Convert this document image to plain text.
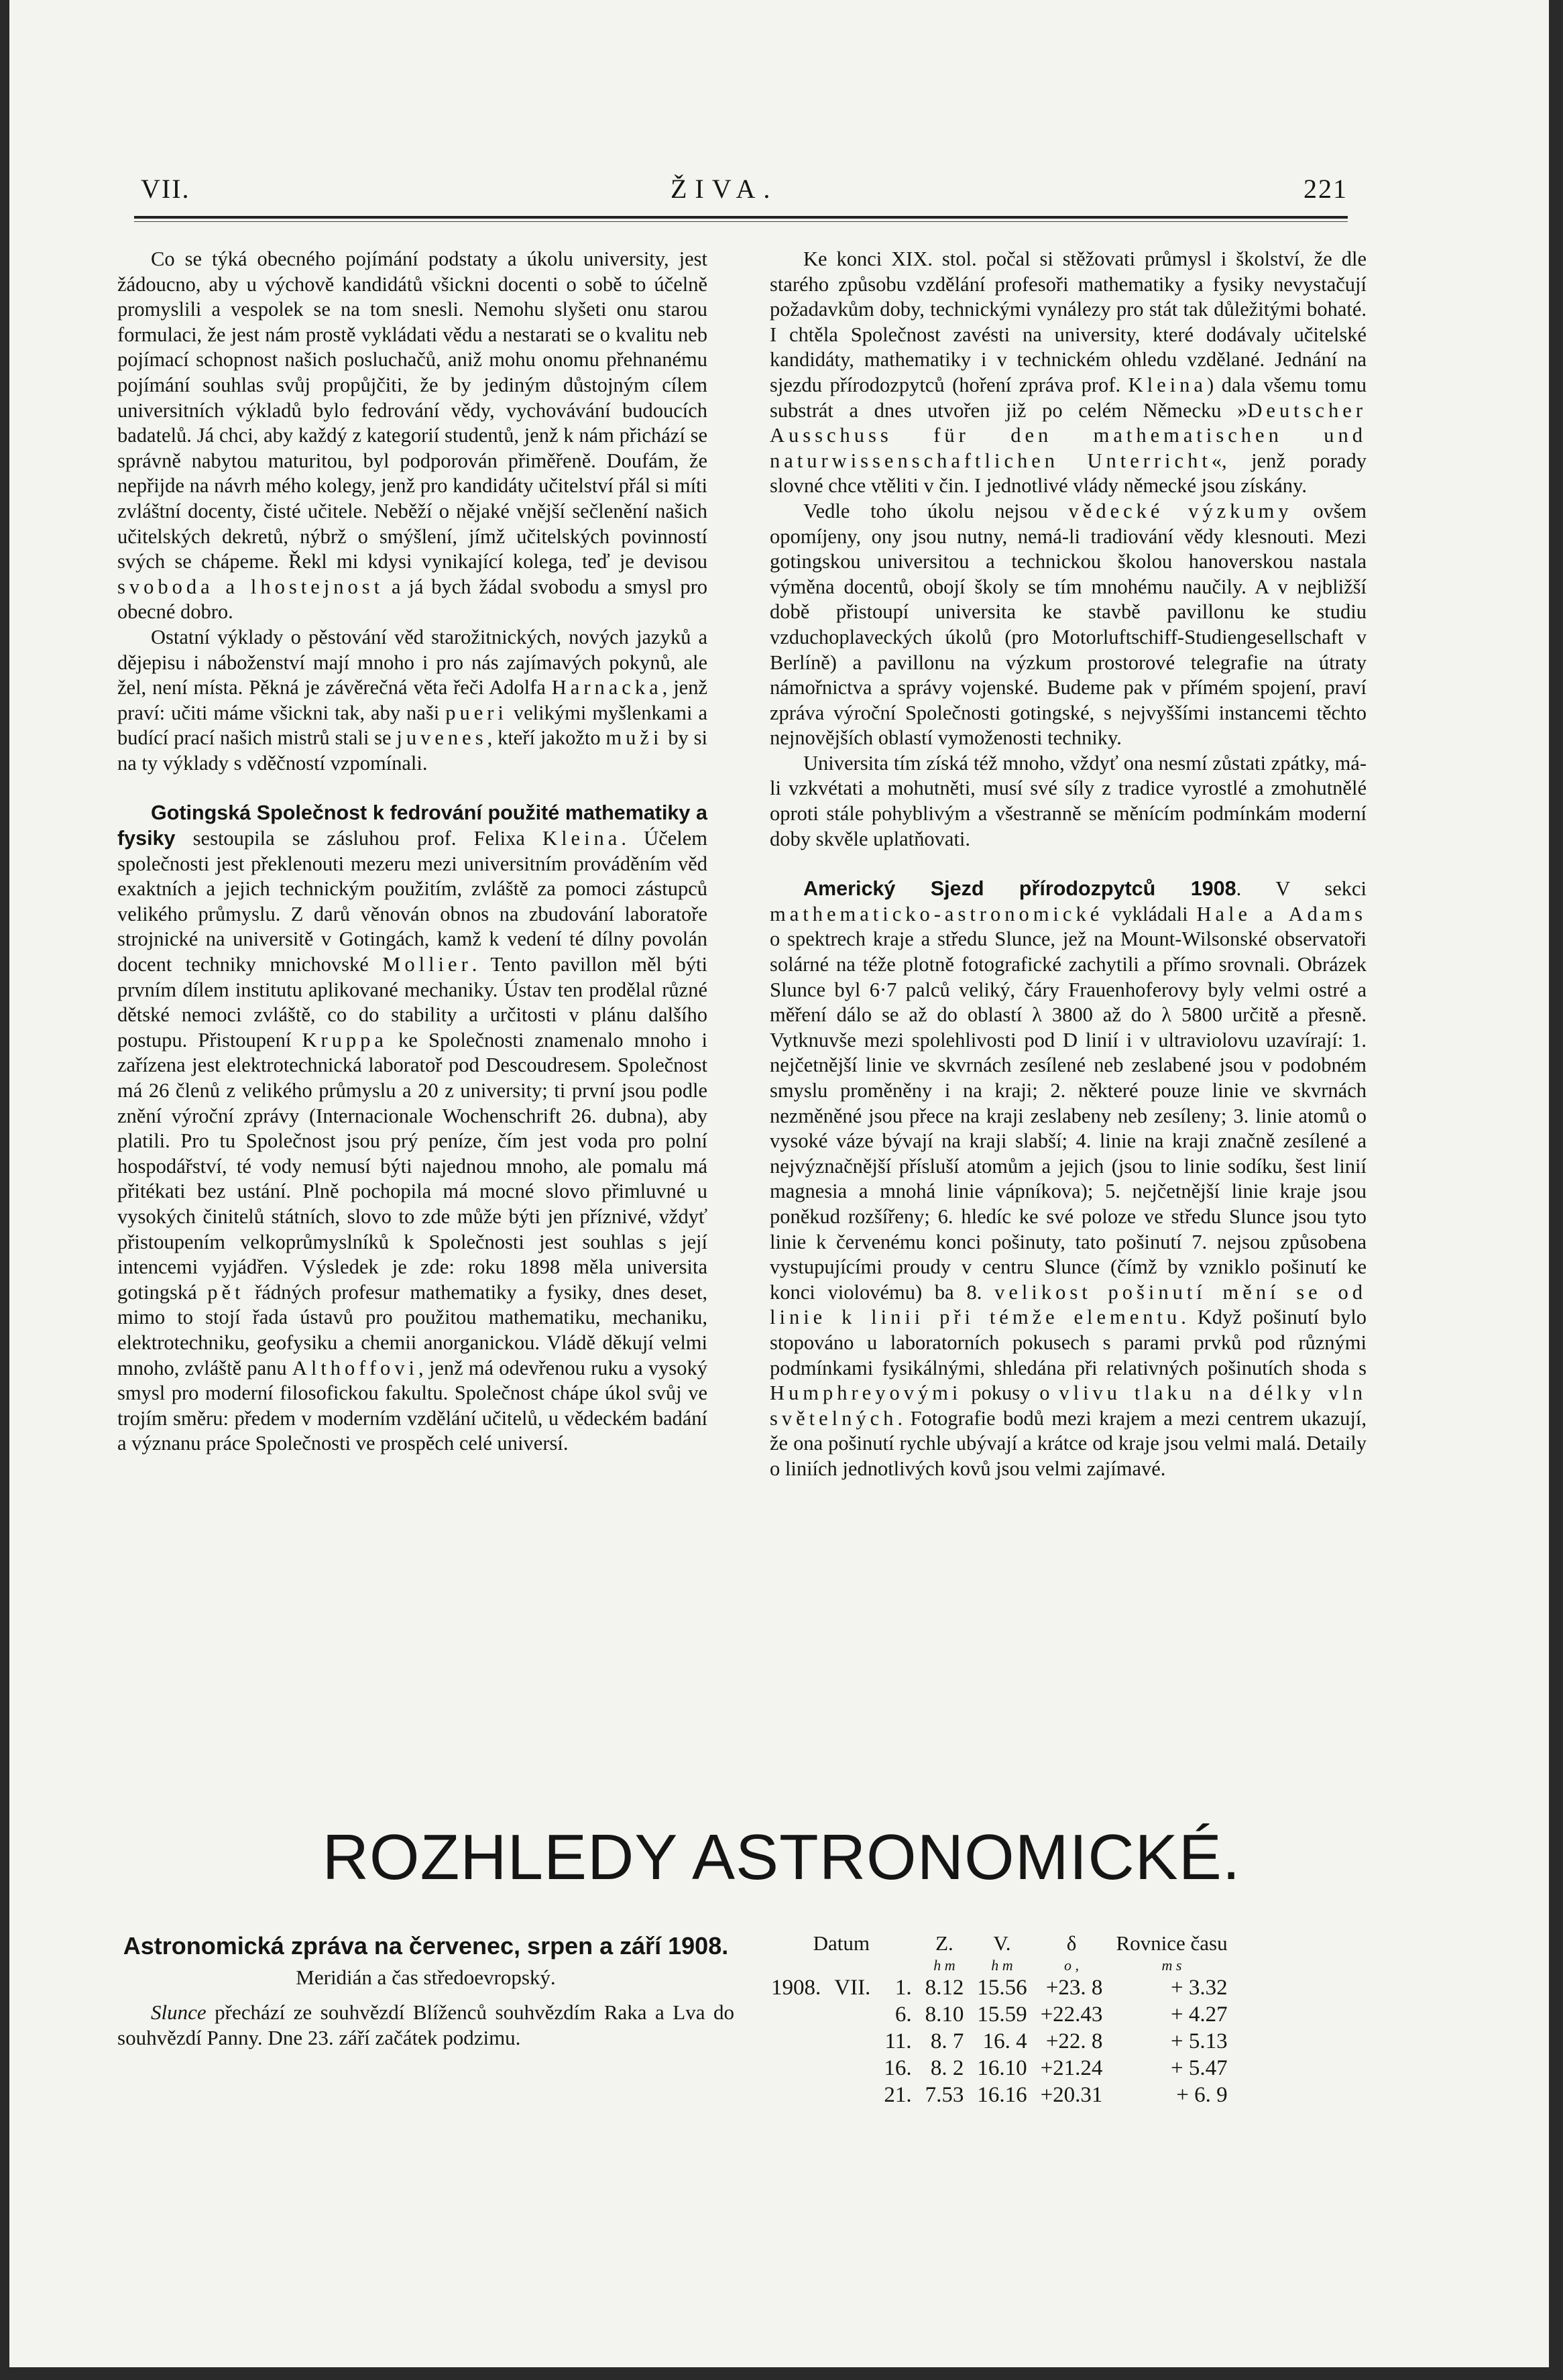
VII.	ŽIVA.	221

Co se týká obecného pojímání podstaty a úkolu university, jest žádoucno, aby u výchově kandidátů všickni docenti o sobě to účelně promyslili a vespolek se na tom snesli. Nemohu slyšeti onu starou formulaci, že jest nám prostě vykládati vědu a nestarati se o kvalitu neb pojímací schopnost našich posluchačů, aniž mohu onomu přehnanému pojímání souhlas svůj propůjčiti, že by jediným důstojným cílem universitních výkladů bylo fedrování vědy, vychovávání budoucích badatelů. Já chci, aby každý z kategorií studentů, jenž k nám přichází se správně nabytou maturitou, byl podporován přiměřeně. Doufám, že nepřijde na návrh mého kolegy, jenž pro kandidáty učitelství přál si míti zvláštní docenty, čisté učitele. Neběží o nějaké vnější sečlenění našich učitelských dekretů, nýbrž o smýšlení, jímž učitelských povinností svých se chápeme. Řekl mi kdysi vynikající kolega, teď je devisou svoboda a lhostejnost a já bych žádal svobodu a smysl pro obecné dobro.

Ostatní výklady o pěstování věd starožitnických, nových jazyků a dějepisu i náboženství mají mnoho i pro nás zajímavých pokynů, ale žel, není místa. Pěkná je závěrečná věta řeči Adolfa Harnacka, jenž praví: učiti máme všickni tak, aby naši pueri velikými myšlenkami a budící prací našich mistrů stali se juvenes, kteří jakožto muži by si na ty výklady s vděčností vzpomínali.

Gotingská Společnost k fedrování použité mathematiky a fysiky sestoupila se zásluhou prof. Felixa Kleina. Účelem společnosti jest překlenouti mezeru mezi universitním prováděním věd exaktních a jejich technickým použitím, zvláště za pomoci zástupců velikého průmyslu. Z darů věnován obnos na zbudování laboratoře strojnické na universitě v Gotingách, kamž k vedení té dílny povolán docent techniky mnichovské Mollier. Tento pavillon měl býti prvním dílem institutu aplikované mechaniky. Ústav ten prodělal různé dětské nemoci zvláště, co do stability a určitosti v plánu dalšího postupu. Přistoupení Kruppa ke Společnosti znamenalo mnoho i zařízena jest elektrotechnická laboratoř pod Descoudresem. Společnost má 26 členů z velikého průmyslu a 20 z university; ti první jsou podle znění výroční zprávy (Internacionale Wochenschrift 26. dubna), aby platili. Pro tu Společnost jsou prý peníze, čím jest voda pro polní hospodářství, té vody nemusí býti najednou mnoho, ale pomalu má přitékati bez ustání. Plně pochopila má mocné slovo přimluvné u vysokých činitelů státních, slovo to zde může býti jen příznivé, vždyť přistoupením velkoprůmyslníků k Společnosti jest souhlas s její intencemi vyjádřen. Výsledek je zde: roku 1898 měla universita gotingská pět řádných profesur mathematiky a fysiky, dnes deset, mimo to stojí řada ústavů pro použitou mathematiku, mechaniku, elektrotechniku, geofysiku a chemii anorganickou. Vládě děkují velmi mnoho, zvláště panu Althoffovi, jenž má odevřenou ruku a vysoký smysl pro moderní filosofickou fakultu. Společnost chápe úkol svůj ve trojím směru: předem v moderním vzdělání učitelů, u vědeckém badání a význanu práce Společnosti ve prospěch celé universí.

Ke konci XIX. stol. počal si stěžovati průmysl i školství, že dle starého způsobu vzdělání profesoři mathematiky a fysiky nevystačují požadavkům doby, technickými vynálezy pro stát tak důležitými bohaté. I chtěla Společnost zavésti na university, které dodávaly učitelské kandidáty, mathematiky i v technickém ohledu vzdělané. Jednání na sjezdu přírodozpytců (hoření zpráva prof. Kleina) dala všemu tomu substrát a dnes utvořen již po celém Německu »Deutscher Ausschuss für den mathematischen und naturwissenschaftlichen Unterricht«, jenž porady slovné chce vtěliti v čin. I jednotlivé vlády německé jsou získány.

Vedle toho úkolu nejsou vědecké výzkumy ovšem opomíjeny, ony jsou nutny, nemá-li tradiování vědy klesnouti. Mezi gotingskou universitou a technickou školou hanoverskou nastala výměna docentů, obojí školy se tím mnohému naučily. A v nejbližší době přistoupí universita ke stavbě pavillonu ke studiu vzduchoplaveckých úkolů (pro Motorluftschiff-Studiengesellschaft v Berlíně) a pavillonu na výzkum prostorové telegrafie na útraty námořnictva a správy vojenské. Budeme pak v přímém spojení, praví zpráva výroční Společnosti gotingské, s nejvyššími instancemi těchto nejnovějších oblastí vymoženosti techniky.

Universita tím získá též mnoho, vždyť ona nesmí zůstati zpátky, má-li vzkvétati a mohutněti, musí své síly z tradice vyrostlé a zmohutnělé oproti stále pohyblivým a všestranně se měnícím podmínkám moderní doby skvěle uplatňovati.

Americký Sjezd přírodozpytců 1908. V sekci mathematicko-astronomické vykládali Hale a Adams o spektrech kraje a středu Slunce, jež na Mount-Wilsonské observatoři solárné na téže plotně fotografické zachytili a přímo srovnali. Obrázek Slunce byl 6·7 palců veliký, čáry Frauenhoferovy byly velmi ostré a měření dálo se až do oblastí λ 3800 až do λ 5800 určitě a přesně. Vytknuvše mezi spolehlivosti pod D linií i v ultraviolovu uzavírají: 1. nejčetnější linie ve skvrnách zesílené neb zeslabené jsou v podobném smyslu proměněny i na kraji; 2. některé pouze linie ve skvrnách nezměněné jsou přece na kraji zeslabeny neb zesíleny; 3. linie atomů o vysoké váze bývají na kraji slabší; 4. linie na kraji značně zesílené a nejvýznačnější přísluší atomům a jejich (jsou to linie sodíku, šest linií magnesia a mnohá linie vápníkova); 5. nejčetnější linie kraje jsou poněkud rozšířeny; 6. hledíc ke své poloze ve středu Slunce jsou tyto linie k červenému konci pošinuty, tato pošinutí 7. nejsou způsobena vystupujícími proudy v centru Slunce (čímž by vzniklo pošinutí ke konci violovému) ba 8. velikost pošinutí mění se od linie k linii při témže elementu. Když pošinutí bylo stopováno u laboratorních pokusech s parami prvků pod různými podmínkami fysikálnými, shledána při relativných pošinutích shoda s Humphreyovými pokusy o vlivu tlaku na délky vln světelných. Fotografie bodů mezi krajem a mezi centrem ukazují, že ona pošinutí rychle ubývají a krátce od kraje jsou velmi malá. Detaily o liniích jednotlivých kovů jsou velmi zajímavé.

ROZHLEDY ASTRONOMICKÉ.
Astronomická zpráva na červenec, srpen a září 1908.
Meridián a čas středoevropský.

Slunce přechází ze souhvězdí Blíženců souhvězdím Raka a Lva do souhvězdí Panny. Dne 23. září začátek podzimu.

Datum			Z.	V.	δ	Rovnice času
			h m	h m	o ,	m s
1908.	VII.	1.	8.12	15.56	+23. 8	+ 3.32
		6.	8.10	15.59	+22.43	+ 4.27
		11.	8. 7	16. 4	+22. 8	+ 5.13
		16.	8. 2	16.10	+21.24	+ 5.47
		21.	7.53	16.16	+20.31	+ 6. 9
